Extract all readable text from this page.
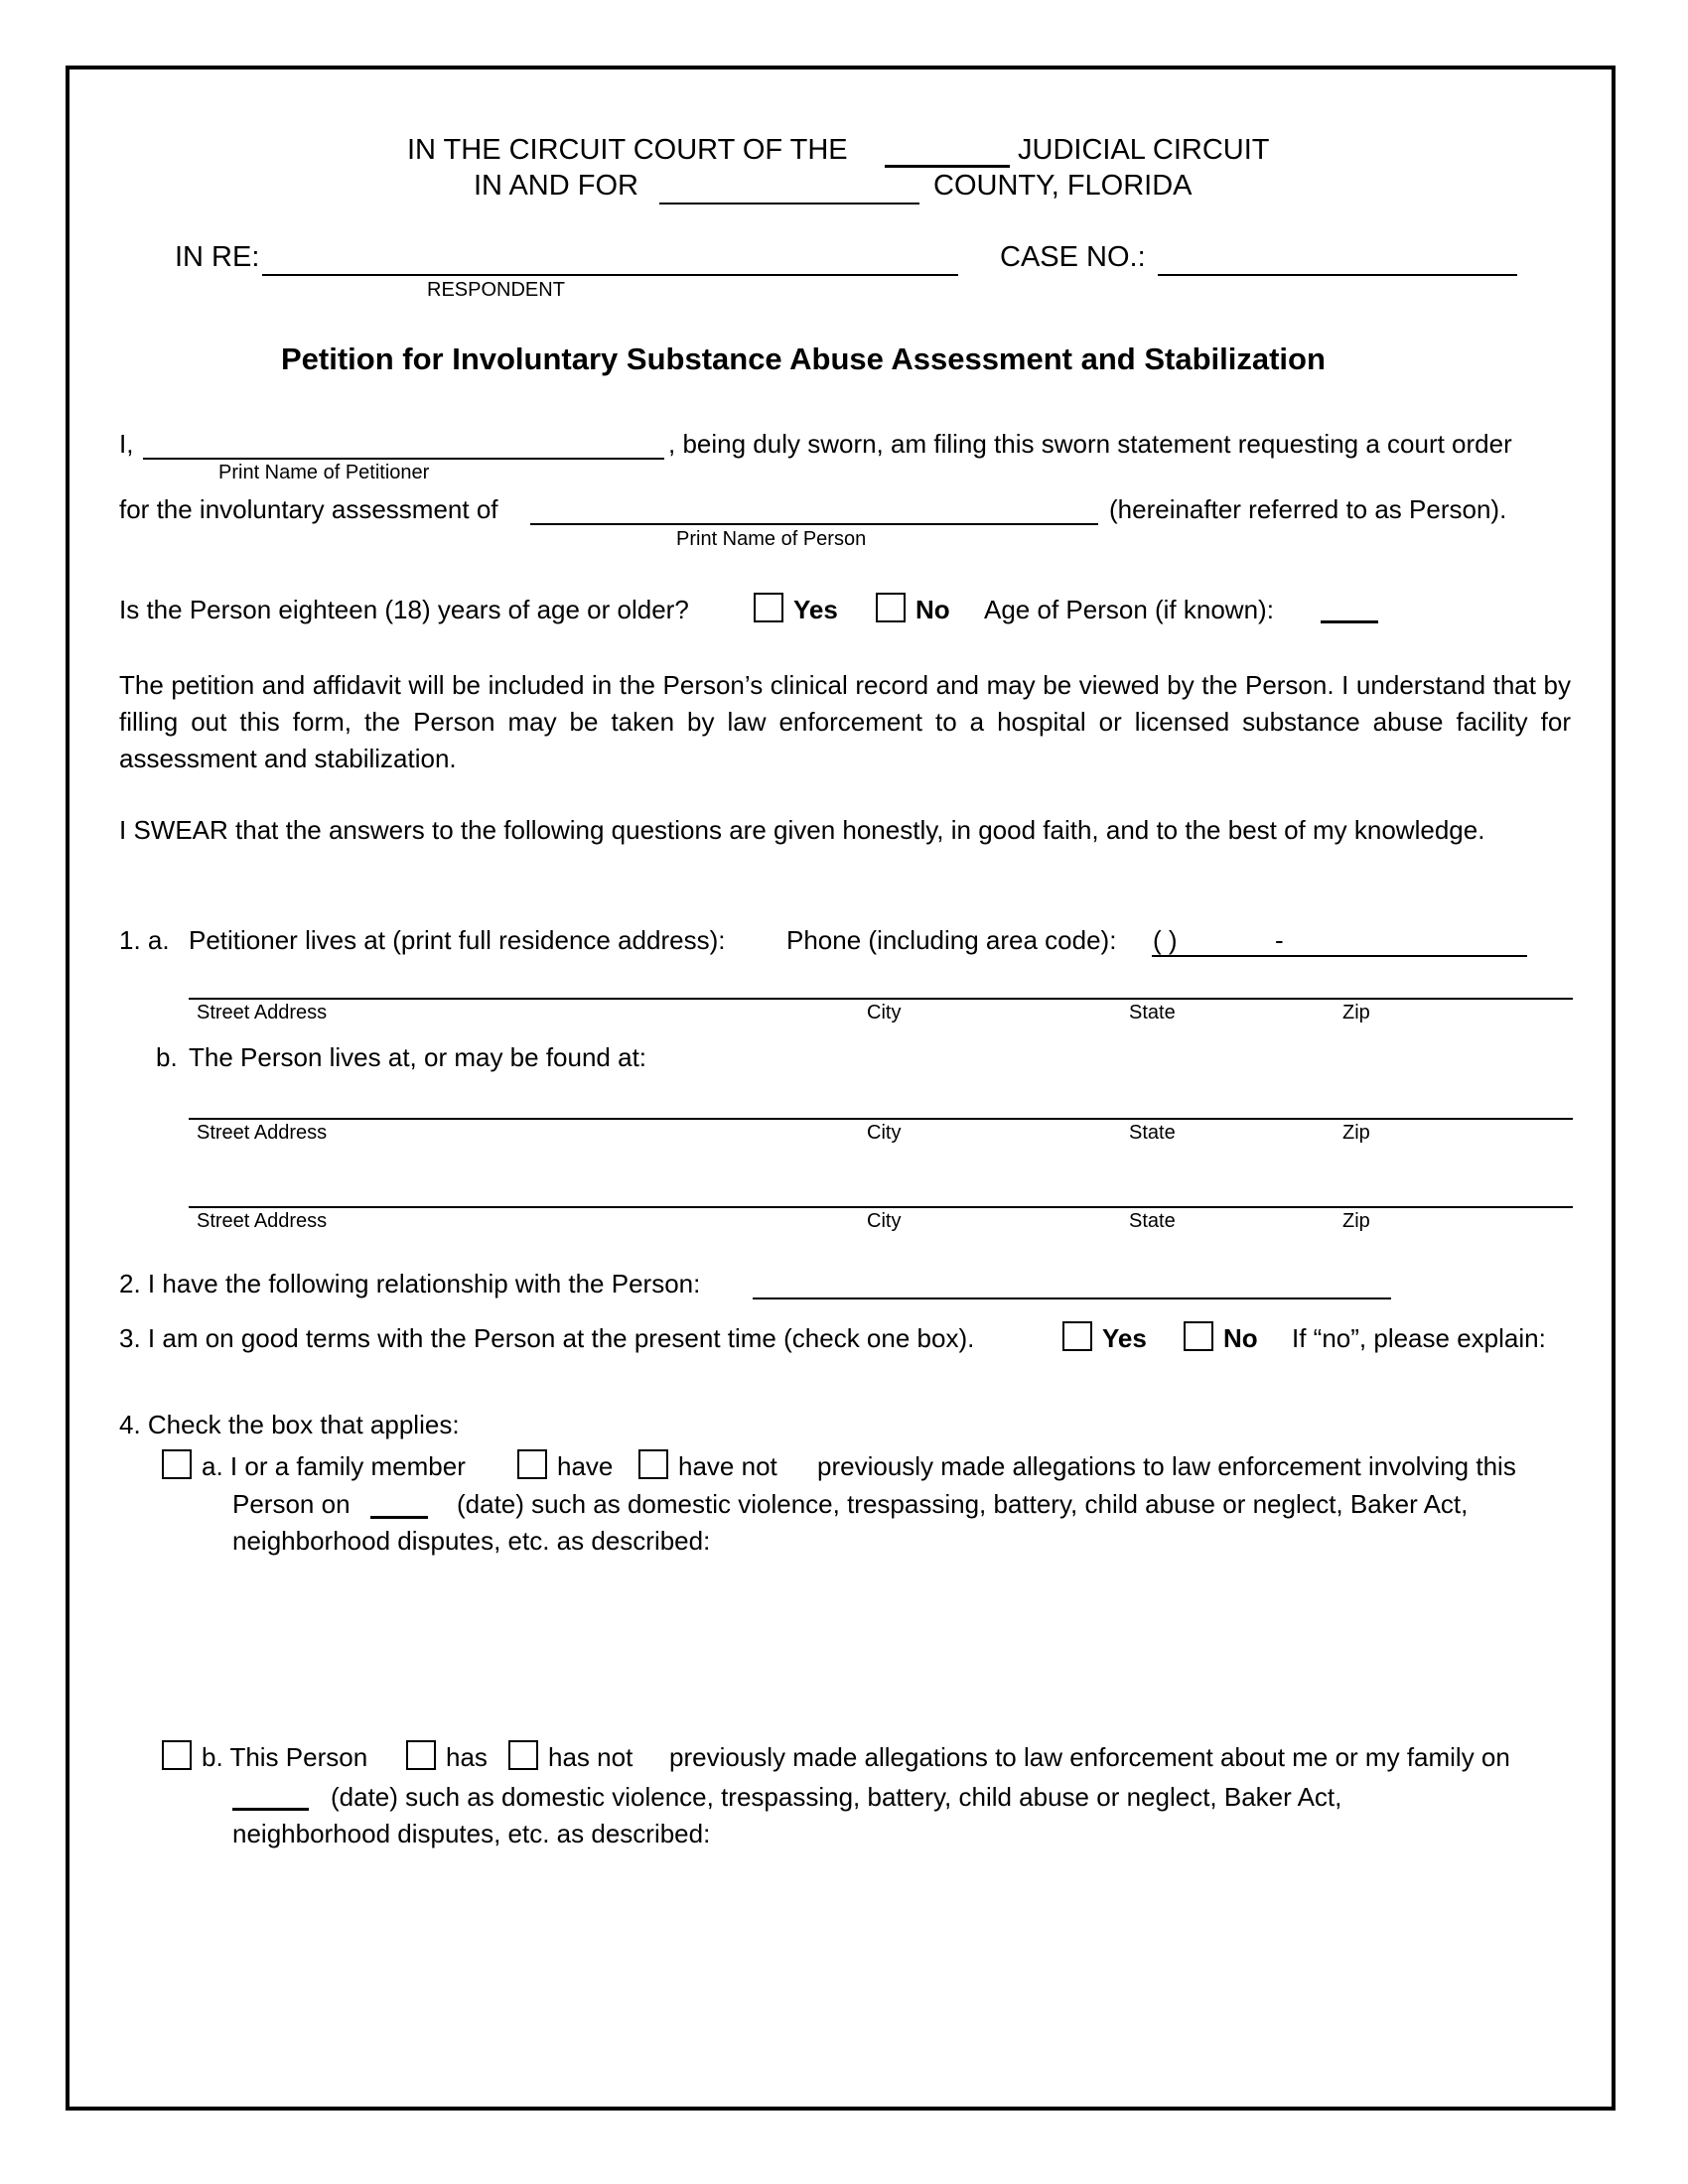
IN THE CIRCUIT COURT OF THE	JUDICIAL CIRCUIT
IN AND FOR	COUNTY, FLORIDA
IN RE:
RESPONDENT
CASE NO.:
Petition for Involuntary Substance Abuse Assessment and Stabilization
I,	, being duly sworn, am filing this sworn statement requesting a court order
Print Name of Petitioner
for the involuntary assessment of	(hereinafter referred to as Person).
Print Name of Person
Is the Person eighteen (18) years of age or older?	Yes	No Age of Person (if known):
The petition and affidavit will be included in the Person’s clinical record and may be viewed by the Person. I understand that by filling out this form, the Person may be taken by law enforcement to a hospital or licensed substance abuse facility for assessment and stabilization.
I SWEAR that the answers to the following questions are given honestly, in good faith, and to the best of my knowledge.
1. a. Petitioner lives at (print full residence address): Phone (including area code): ( )	-
Street Address	City	State	Zip
b. The Person lives at, or may be found at:
Street Address	City	State	Zip
Street Address	City	State	Zip
2. I have the following relationship with the Person:
3. I am on good terms with the Person at the present time (check one box).	Yes	No If “no”, please explain:
4. Check the box that applies:
a. I or a family member	have	have not previously made allegations to law enforcement involving this
Person on	(date) such as domestic violence, trespassing, battery, child abuse or neglect, Baker Act,
neighborhood disputes, etc. as described:
b. This Person	has has not previously made allegations to law enforcement about me or my family on
(date) such as domestic violence, trespassing, battery, child abuse or neglect, Baker Act,
neighborhood disputes, etc. as described:
